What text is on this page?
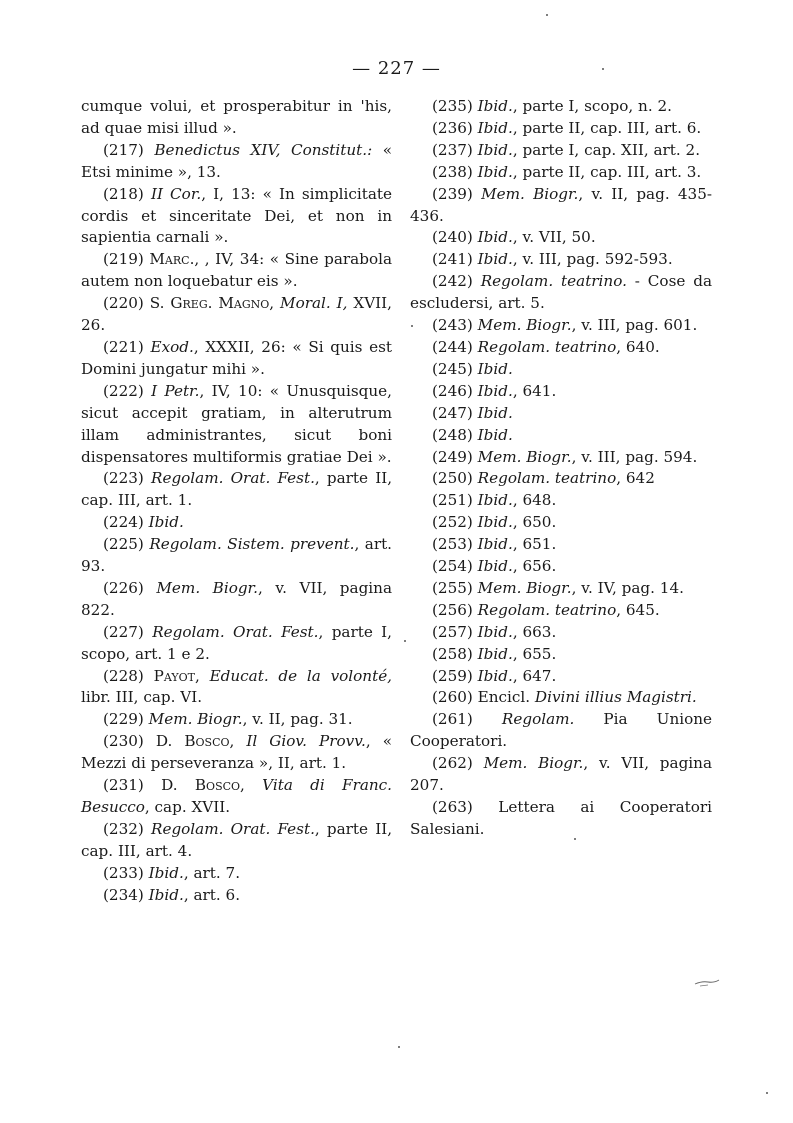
— 227 —

cumque volui, et prosperabitur in 'his, ad quae misi illud ».

(217) Benedictus XIV, Constitut.: « Etsi minime », 13.

(218) II Cor., I, 13: « In simplicitate cordis et sinceritate Dei, et non in sapientia carnali ».

(219) Marc., , IV, 34: « Sine parabola autem non loquebatur eis ».

(220) S. Greg. Magno, Moral. I, XVII, 26.

(221) Exod., XXXII, 26: « Si quis est Domini jungatur mihi ».

(222) I Petr., IV, 10: « Unusquisque, sicut accepit gratiam, in alterutrum illam administrantes, sicut boni dispensatores multiformis gratiae Dei ».

(223) Regolam. Orat. Fest., parte II, cap. III, art. 1.

(224) Ibid.

(225) Regolam. Sistem. prevent., art. 93.

(226) Mem. Biogr., v. VII, pagina 822.

(227) Regolam. Orat. Fest., parte I, scopo, art. 1 e 2.

(228) Payot, Educat. de la volonté, libr. III, cap. VI.

(229) Mem. Biogr., v. II, pag. 31.

(230) D. Bosco, Il Giov. Provv., « Mezzi di perseveranza », II, art. 1.

(231) D. Bosco, Vita di Franc. Besucco, cap. XVII.

(232) Regolam. Orat. Fest., parte II, cap. III, art. 4.

(233) Ibid., art. 7.

(234) Ibid., art. 6.

(235) Ibid., parte I, scopo, n. 2.

(236) Ibid., parte II, cap. III, art. 6.

(237) Ibid., parte I, cap. XII, art. 2.

(238) Ibid., parte II, cap. III, art. 3.

(239) Mem. Biogr., v. II, pag. 435-436.

(240) Ibid., v. VII, 50.

(241) Ibid., v. III, pag. 592-593.

(242) Regolam. teatrino. - Cose da escludersi, art. 5.

(243) Mem. Biogr., v. III, pag. 601.

(244) Regolam. teatrino, 640.

(245) Ibid.

(246) Ibid., 641.

(247) Ibid.

(248) Ibid.

(249) Mem. Biogr., v. III, pag. 594.

(250) Regolam. teatrino, 642

(251) Ibid., 648.

(252) Ibid., 650.

(253) Ibid., 651.

(254) Ibid., 656.

(255) Mem. Biogr., v. IV, pag. 14.

(256) Regolam. teatrino, 645.

(257) Ibid., 663.

(258) Ibid., 655.

(259) Ibid., 647.

(260) Encicl. Divini illius Magistri.

(261) Regolam. Pia Unione Cooperatori.

(262) Mem. Biogr., v. VII, pagina 207.

(263) Lettera ai Cooperatori Salesiani.
